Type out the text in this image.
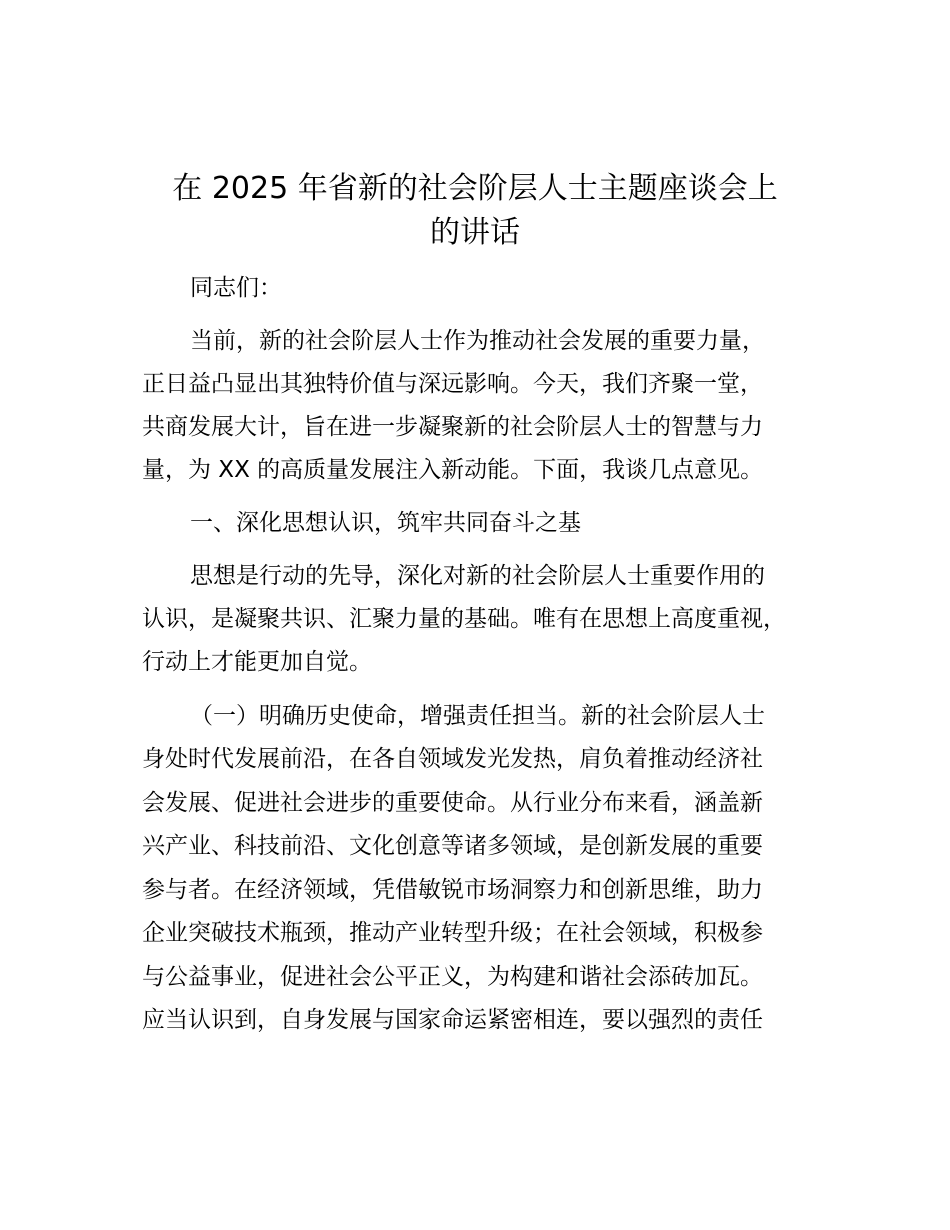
在 2025 年省新的社会阶层人士主题座谈会上
的讲话

同志们：

当前，新的社会阶层人士作为推动社会发展的重要力量，

正日益凸显出其独特价值与深远影响。今天，我们齐聚一堂，

共商发展大计，旨在进一步凝聚新的社会阶层人士的智慧与力

量，为 XX 的高质量发展注入新动能。下面，我谈几点意见。

一、深化思想认识，筑牢共同奋斗之基

思想是行动的先导，深化对新的社会阶层人士重要作用的

认识，是凝聚共识、汇聚力量的基础。唯有在思想上高度重视，

行动上才能更加自觉。

（一）明确历史使命，增强责任担当。新的社会阶层人士

身处时代发展前沿，在各自领域发光发热，肩负着推动经济社

会发展、促进社会进步的重要使命。从行业分布来看，涵盖新

兴产业、科技前沿、文化创意等诸多领域，是创新发展的重要

参与者。在经济领域，凭借敏锐市场洞察力和创新思维，助力

企业突破技术瓶颈，推动产业转型升级；在社会领域，积极参

与公益事业，促进社会公平正义，为构建和谐社会添砖加瓦。

应当认识到，自身发展与国家命运紧密相连，要以强烈的责任
